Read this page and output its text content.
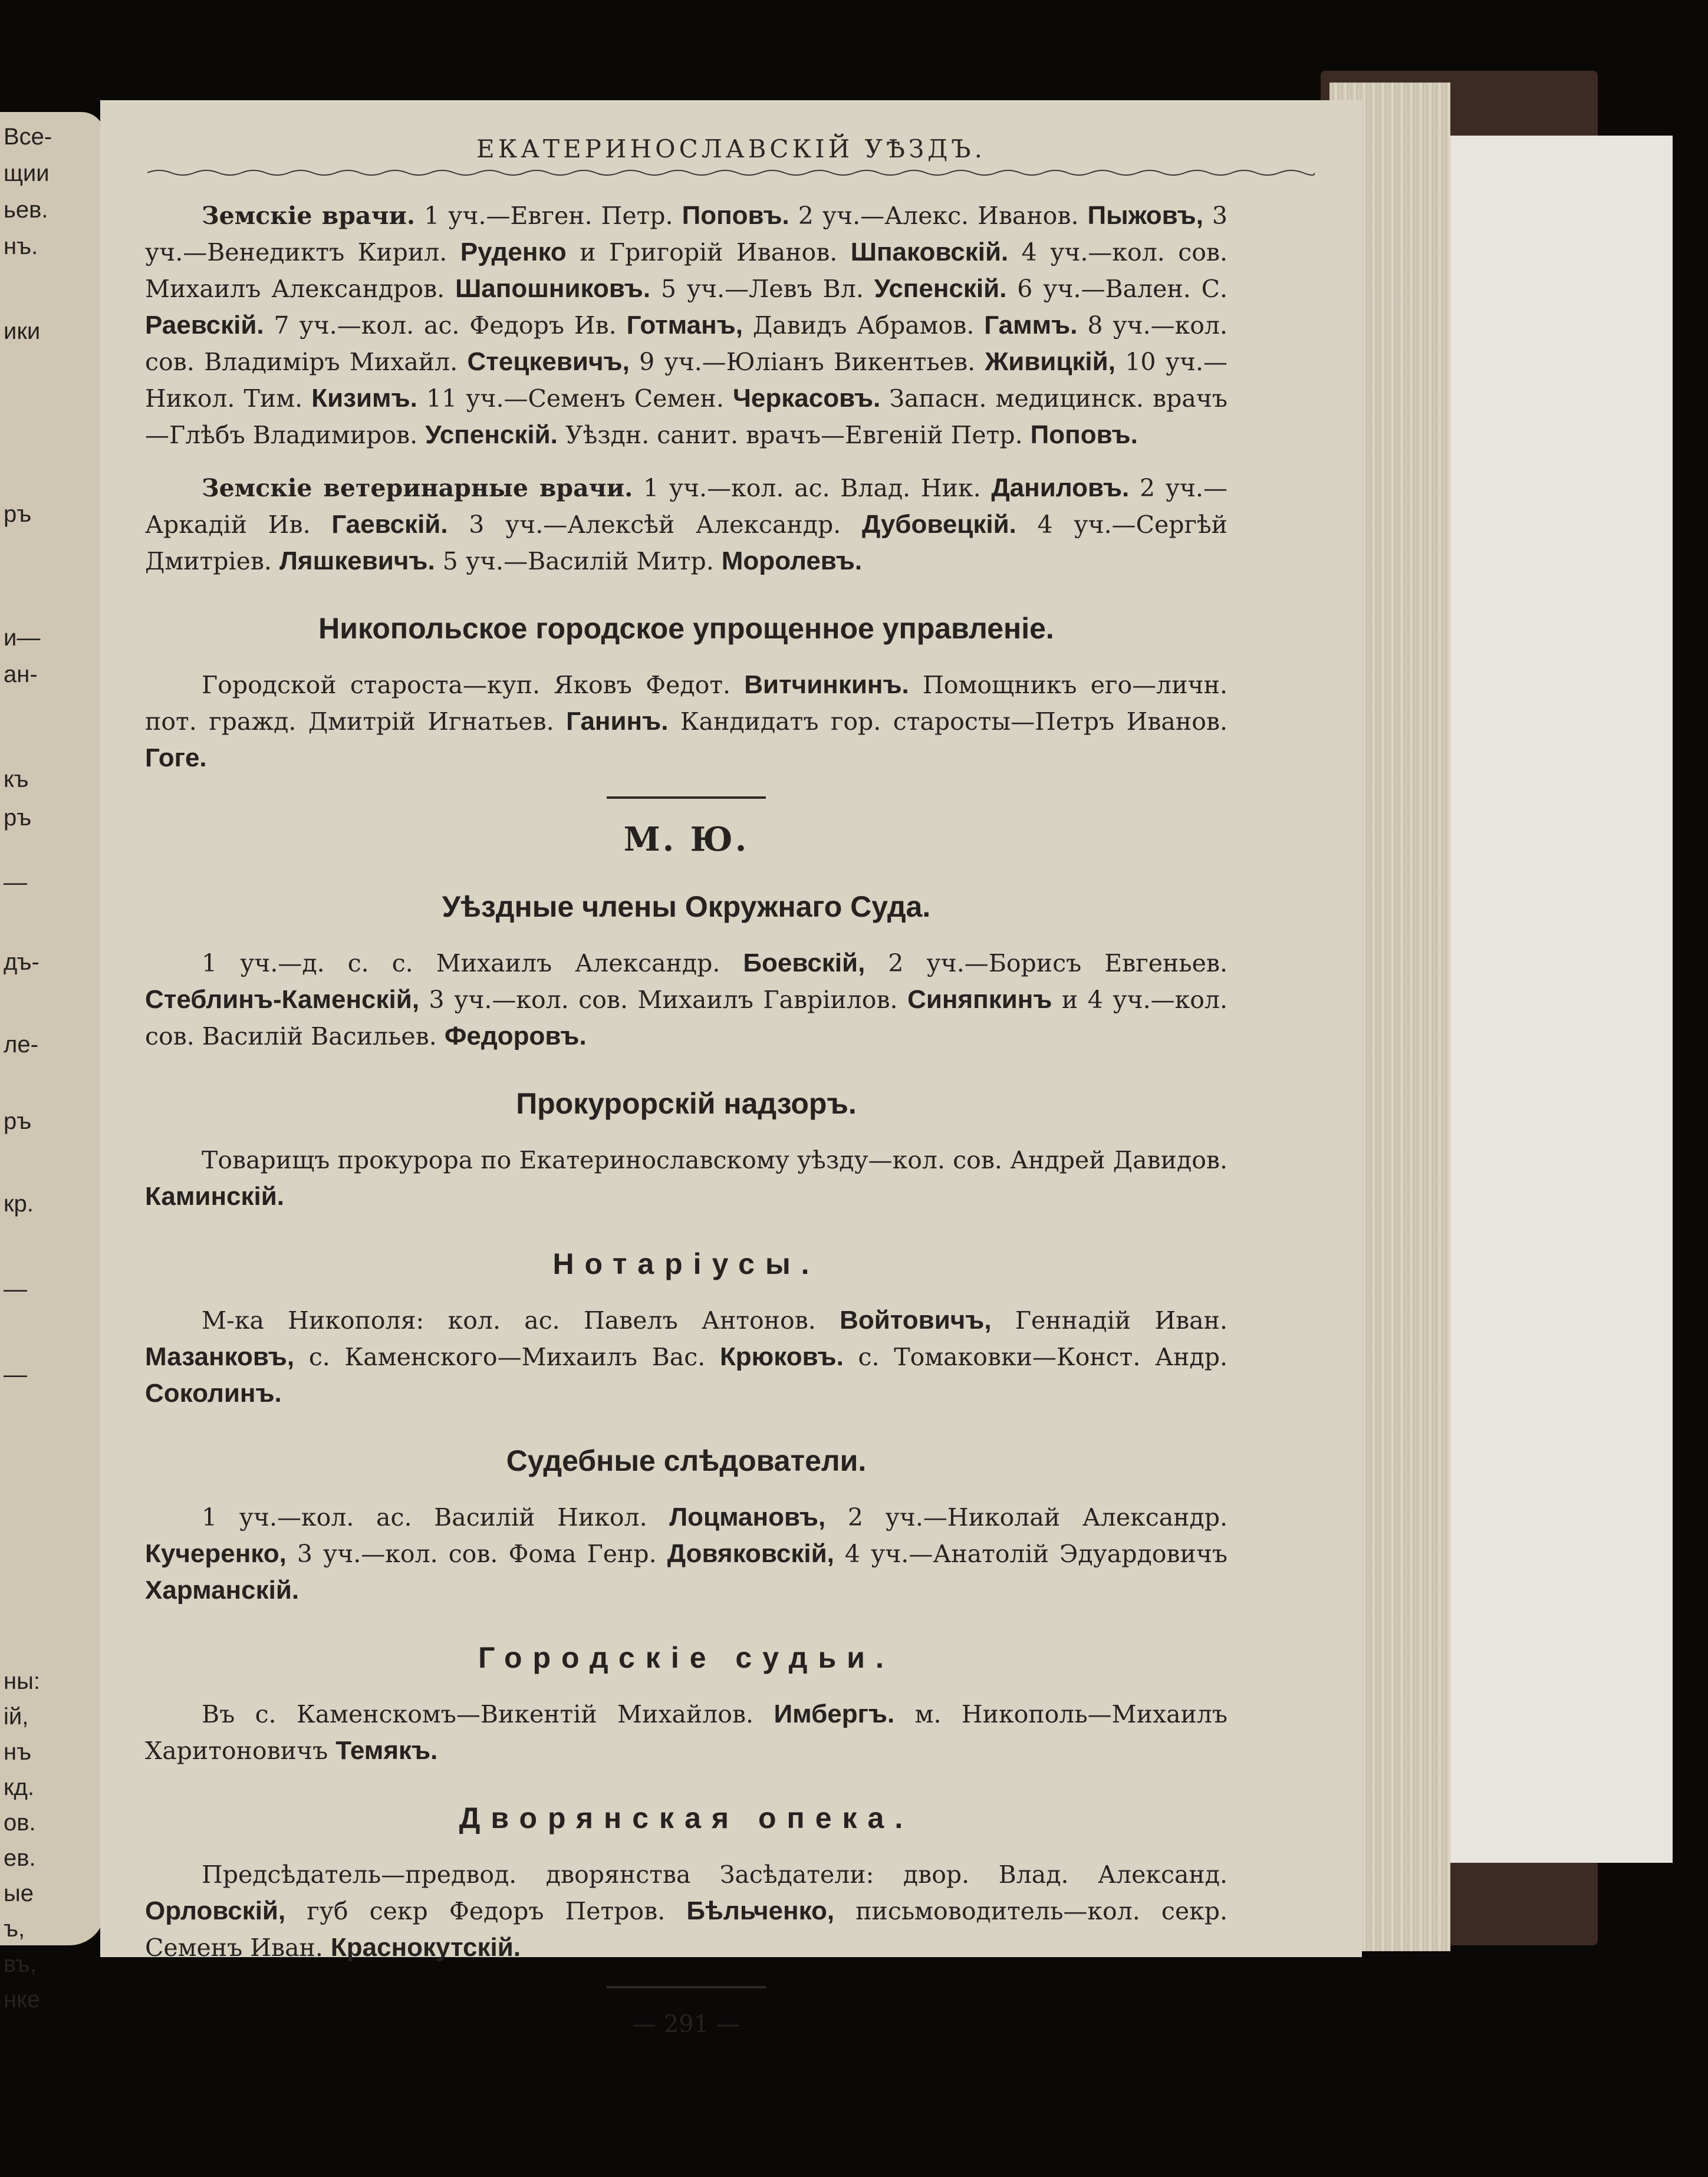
Все-
щии
ьев.
нъ.
ики
ръ
и—
ан-
къ
ръ
—
дъ-
ле-
ръ
кр.
—
—
ны:
ій,
нъ
кд.
ов.
ев.
ые
ъ,
въ,
нке
ЕКАТЕРИНОСЛАВСКІЙ УѢЗДЪ.

Земскіе врачи. 1 уч.—Евген. Петр. Поповъ. 2 уч.—Алекс. Иванов. Пыжовъ, 3 уч.—Венедиктъ Кирил. Руденко и Григорій Иванов. Шпаковскій. 4 уч.—кол. сов. Михаилъ Александров. Шапошниковъ. 5 уч.—Левъ Вл. Успенскій. 6 уч.—Вален. С. Раевскій. 7 уч.—кол. ас. Федоръ Ив. Готманъ, Давидъ Абрамов. Гаммъ. 8 уч.—кол. сов. Владиміръ Михайл. Стецкевичъ, 9 уч.—Юліанъ Викентьев. Живицкій, 10 уч.—Никол. Тим. Кизимъ. 11 уч.—Семенъ Семен. Черкасовъ. Запасн. медицинск. врачъ—Глѣбъ Владимиров. Успенскій. Уѣздн. санит. врачъ—Евгеній Петр. Поповъ.

Земскіе ветеринарные врачи. 1 уч.—кол. ас. Влад. Ник. Даниловъ. 2 уч.—Аркадій Ив. Гаевскій. 3 уч.—Алексѣй Александр. Дубовецкій. 4 уч.—Сергѣй Дмитріев. Ляшкевичъ. 5 уч.—Василій Митр. Моролевъ.

Никопольское городское упрощенное управленіе.

Городской староста—куп. Яковъ Федот. Витчинкинъ. Помощникъ его—личн. пот. гражд. Дмитрій Игнатьев. Ганинъ. Кандидатъ гор. старосты—Петръ Иванов. Гоге.

М. Ю.
Уѣздные члены Окружнаго Суда.

1 уч.—д. с. с. Михаилъ Александр. Боевскій, 2 уч.—Борисъ Евгеньев. Стеблинъ-Каменскій, 3 уч.—кол. сов. Михаилъ Гавріилов. Синяпкинъ и 4 уч.—кол. сов. Василій Васильев. Федоровъ.

Прокурорскій надзоръ.

Товарищъ прокурора по Екатеринославскому уѣзду—кол. сов. Андрей Давидов. Каминскій.

Нотаріусы.

М-ка Никополя: кол. ас. Павелъ Антонов. Войтовичъ, Геннадій Иван. Мазанковъ, с. Каменского—Михаилъ Вас. Крюковъ. с. Томаковки—Конст. Андр. Соколинъ.

Судебные слѣдователи.

1 уч.—кол. ас. Василій Никол. Лоцмановъ, 2 уч.—Николай Александр. Кучеренко, 3 уч.—кол. сов. Фома Генр. Довяковскій, 4 уч.—Анатолій Эдуардовичъ Харманскій.

Городскіе судьи.

Въ с. Каменскомъ—Викентій Михайлов. Имбергъ. м. Никополь—Михаилъ Харитоновичъ Темякъ.

Дворянская опека.

Предсѣдатель—предвод. дворянства Засѣдатели: двор. Влад. Александ. Орловскій, губ секр Федоръ Петров. Бѣльченко, письмоводитель—кол. секр. Семенъ Иван. Краснокутскій.

— 291 —
